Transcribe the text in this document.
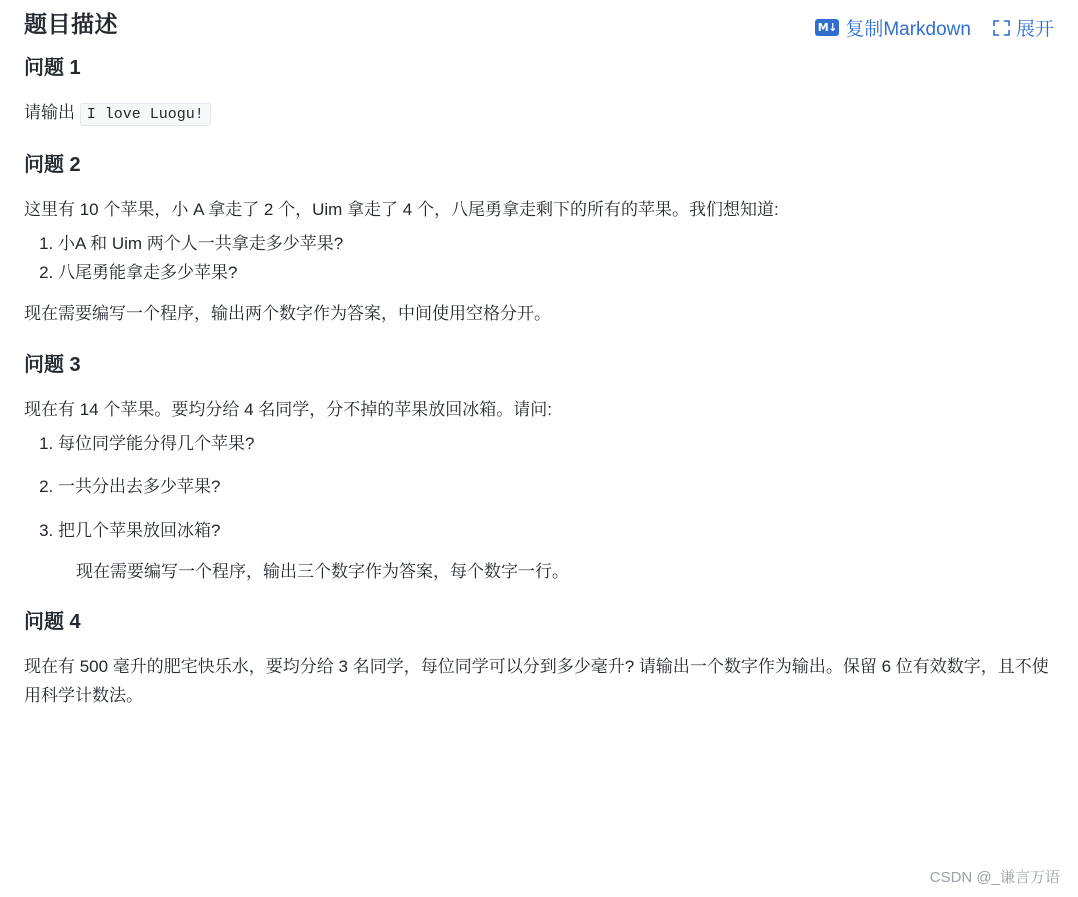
题目描述	M↓ 复制Markdown 展开
问题 1

请输出 I love Luogu!

问题 2

这里有 10 个苹果，小 A 拿走了 2 个，Uim 拿走了 4 个，八尾勇拿走剩下的所有的苹果。我们想知道:

1. 小A 和 Uim 两个人一共拿走多少苹果?
2. 八尾勇能拿走多少苹果?

现在需要编写一个程序，输出两个数字作为答案，中间使用空格分开。

问题 3

现在有 14 个苹果。要均分给 4 名同学，分不掉的苹果放回冰箱。请问:

1. 每位同学能分得几个苹果?
2. 一共分出去多少苹果?
3. 把几个苹果放回冰箱?
现在需要编写一个程序，输出三个数字作为答案，每个数字一行。
问题 4

现在有 500 毫升的肥宅快乐水，要均分给 3 名同学，每位同学可以分到多少毫升? 请输出一个数字作为输出。保留 6 位有效数字，且不使用科学计数法。

CSDN @_谦言万语
